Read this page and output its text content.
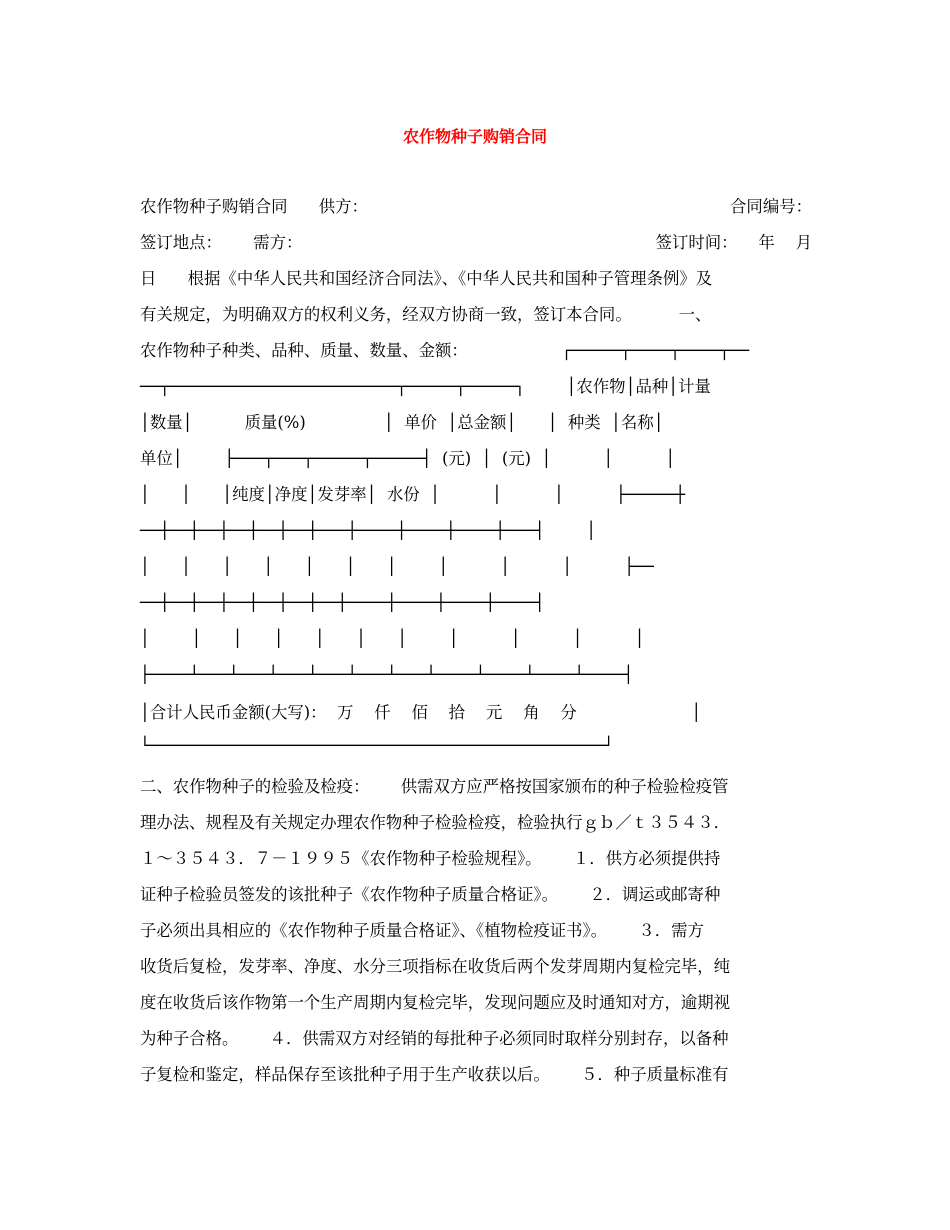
农作物种子购销合同
农作物种子购销合同      供方：	合同编号：
签订地点：      需方：	签订时间：    年    月
日      根据《中华人民共和国经济合同法》、《中华人民共和国种子管理条例》及
有关规定，为明确双方的权利义务，经双方协商一致，签订本合同。         一、
农作物种子种类、品种、质量、数量、金额：                  ┌─────┬────┬────┬──
──┬───────────────────────┬─────┬─────┐        │农作物│品种│计量
│数量│          质量(%)               │  单价  │总金额│      │  种类  │名称│
单位│        ├───┬───┬─────┬─────┤  (元)  │  (元)  │          │          │
│      │      │纯度│净度│发芽率│  水份  │          │          │          ├─────┼
──┼──┼──┼──┼──┼──┼───┼────┼────┼────┼───┤        │
│      │      │      │      │      │      │        │          │          │          ├──
──┼──┼──┼──┼──┼──┼──┼────┼────┼────┼────┤
│        │      │      │      │      │      │        │          │          │          │
├────┴───┴───┴───┴───┴───┴───┴────┴────┴────┴────┤
│合计人民币金额(大写)：  万    仟    佰    拾    元    角    分                      │
└──────────────────────────────────────────────┘
二、农作物种子的检验及检疫：      供需双方应严格按国家颁布的种子检验检疫管
理办法、规程及有关规定办理农作物种子检验检疫，检验执行ｇｂ／ｔ３５４３．
１～３５４３．７－１９９５《农作物种子检验规程》。      １．供方必须提供持
证种子检验员签发的该批种子《农作物种子质量合格证》。      ２．调运或邮寄种
子必须出具相应的《农作物种子质量合格证》、《植物检疫证书》。      ３．需方
收货后复检，发芽率、净度、水分三项指标在收货后两个发芽周期内复检完毕，纯
度在收货后该作物第一个生产周期内复检完毕，发现问题应及时通知对方，逾期视
为种子合格。      ４．供需双方对经销的每批种子必须同时取样分别封存，以备种
子复检和鉴定，样品保存至该批种子用于生产收获以后。      ５．种子质量标准有
